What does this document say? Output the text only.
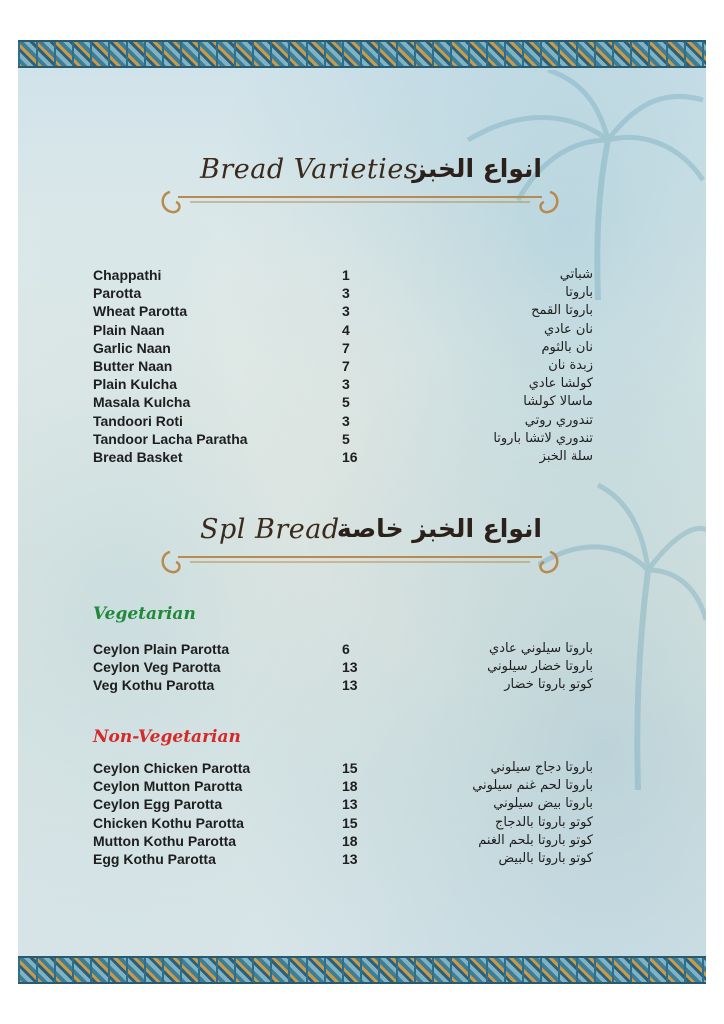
Bread Varieties
انواع الخبز
Chappathi	1	شباتي
Parotta	3	باروتا
Wheat Parotta	3	باروتا القمح
Plain Naan	4	نان عادي
Garlic Naan	7	نان بالثوم
Butter Naan	7	زبدة نان
Plain Kulcha	3	كولشا عادي
Masala Kulcha	5	ماسالا كولشا
Tandoori Roti	3	تندوري روتي
Tandoor Lacha Paratha	5	تندوري لاتشا باروتا
Bread Basket	16	سلة الخبز
Spl Bread
انواع الخبز خاصة
Vegetarian
Ceylon Plain Parotta	6	باروتا سيلوني عادي
Ceylon Veg Parotta	13	باروتا خضار سيلوني
Veg Kothu Parotta	13	كوتو باروتا خضار
Non-Vegetarian
Ceylon Chicken Parotta	15	باروتا دجاج سيلوني
Ceylon Mutton Parotta	18	باروتا لحم غنم سيلوني
Ceylon Egg Parotta	13	باروتا بيض سيلوني
Chicken Kothu Parotta	15	كوتو باروتا بالدجاج
Mutton Kothu Parotta	18	كوتو باروتا بلحم الغنم
Egg Kothu Parotta	13	كوتو باروتا بالبيض
